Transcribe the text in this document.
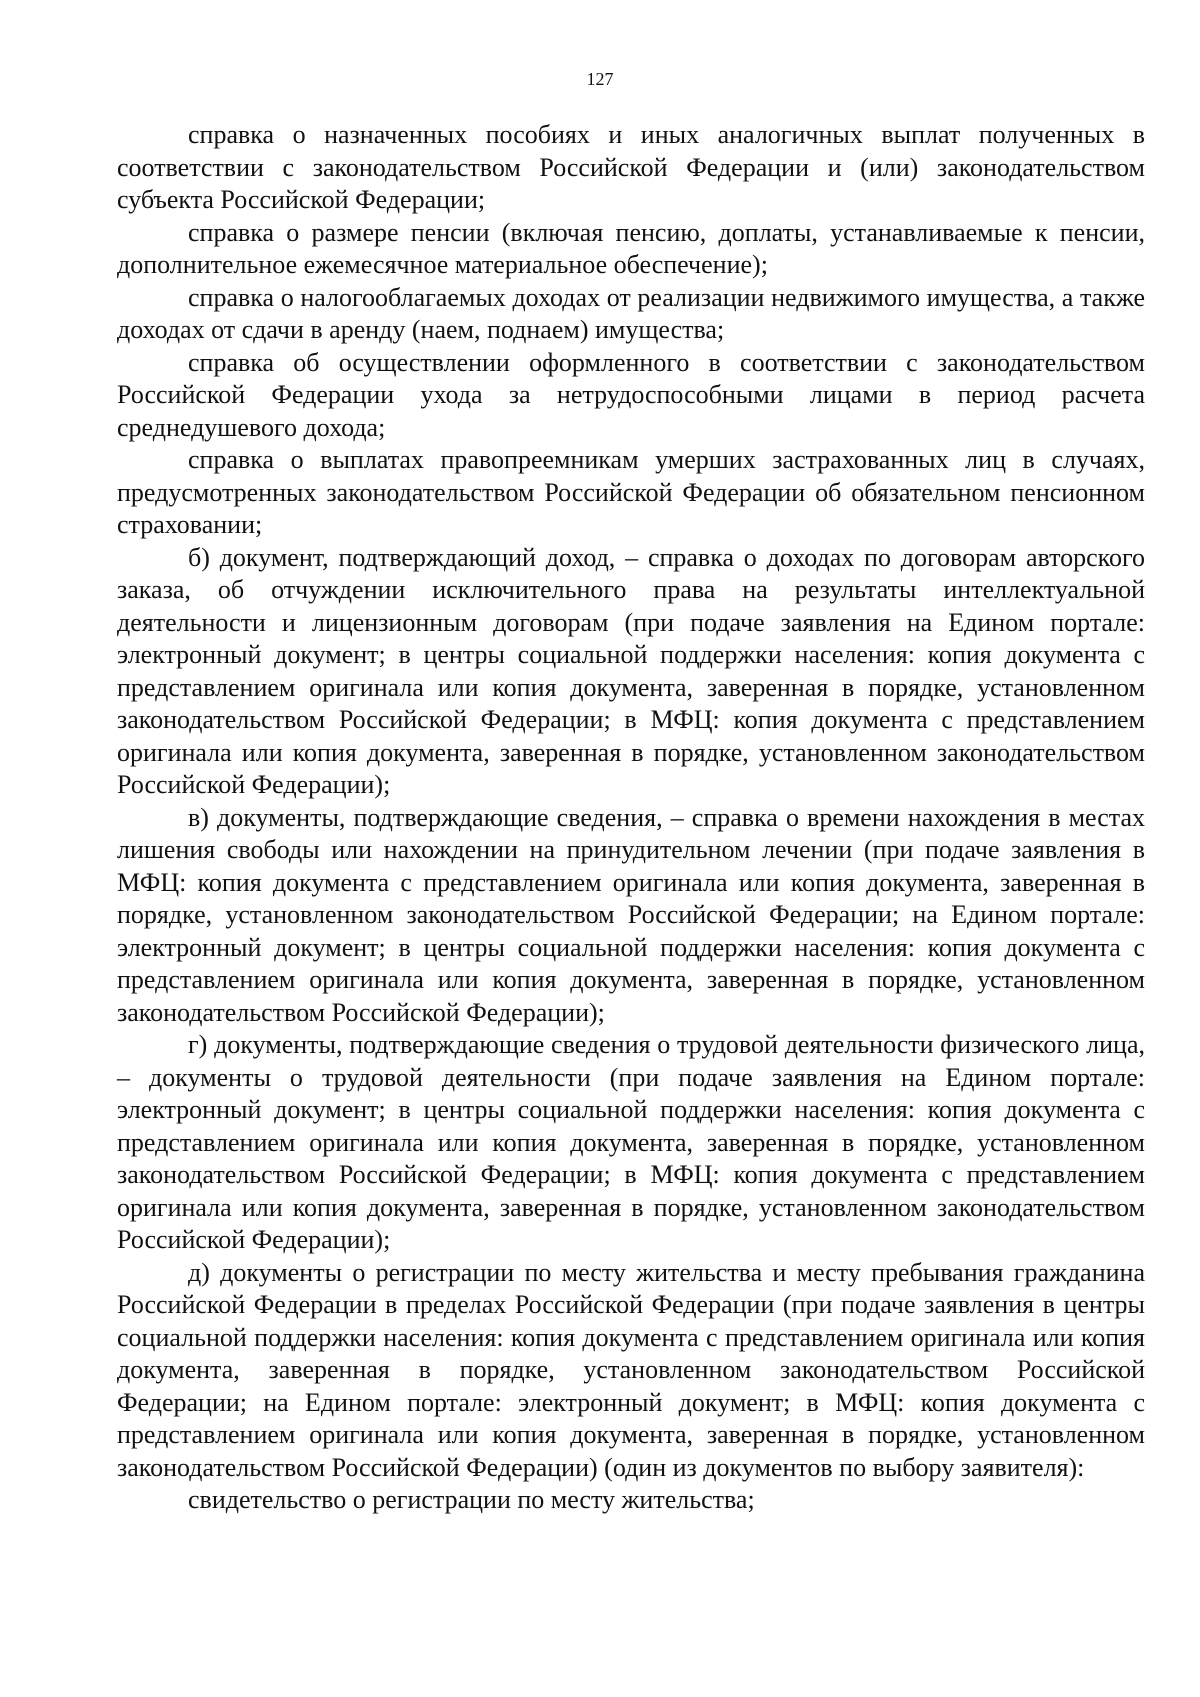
127

справка о назначенных пособиях и иных аналогичных выплат полученных в соответствии с законодательством Российской Федерации и (или) законодательством субъекта Российской Федерации;

справка о размере пенсии (включая пенсию, доплаты, устанавливаемые к пенсии, дополнительное ежемесячное материальное обеспечение);

справка о налогооблагаемых доходах от реализации недвижимого имущества, а также доходах от сдачи в аренду (наем, поднаем) имущества;

справка об осуществлении оформленного в соответствии с законодательством Российской Федерации ухода за нетрудоспособными лицами в период расчета среднедушевого дохода;

справка о выплатах правопреемникам умерших застрахованных лиц в случаях, предусмотренных законодательством Российской Федерации об обязательном пенсионном страховании;

б) документ, подтверждающий доход, – справка о доходах по договорам авторского заказа, об отчуждении исключительного права на результаты интеллектуальной деятельности и лицензионным договорам (при подаче заявления на Едином портале: электронный документ; в центры социальной поддержки населения: копия документа с представлением оригинала или копия документа, заверенная в порядке, установленном законодательством Российской Федерации; в МФЦ: копия документа с представлением оригинала или копия документа, заверенная в порядке, установленном законодательством Российской Федерации);

в) документы, подтверждающие сведения, – справка о времени нахождения в местах лишения свободы или нахождении на принудительном лечении (при подаче заявления в МФЦ: копия документа с представлением оригинала или копия документа, заверенная в порядке, установленном законодательством Российской Федерации; на Едином портале: электронный документ; в центры социальной поддержки населения: копия документа с представлением оригинала или копия документа, заверенная в порядке, установленном законодательством Российской Федерации);

г) документы, подтверждающие сведения о трудовой деятельности физического лица, – документы о трудовой деятельности (при подаче заявления на Едином портале: электронный документ; в центры социальной поддержки населения: копия документа с представлением оригинала или копия документа, заверенная в порядке, установленном законодательством Российской Федерации; в МФЦ: копия документа с представлением оригинала или копия документа, заверенная в порядке, установленном законодательством Российской Федерации);

д) документы о регистрации по месту жительства и месту пребывания гражданина Российской Федерации в пределах Российской Федерации (при подаче заявления в центры социальной поддержки населения: копия документа с представлением оригинала или копия документа, заверенная в порядке, установленном законодательством Российской Федерации; на Едином портале: электронный документ; в МФЦ: копия документа с представлением оригинала или копия документа, заверенная в порядке, установленном законодательством Российской Федерации) (один из документов по выбору заявителя):

свидетельство о регистрации по месту жительства;
